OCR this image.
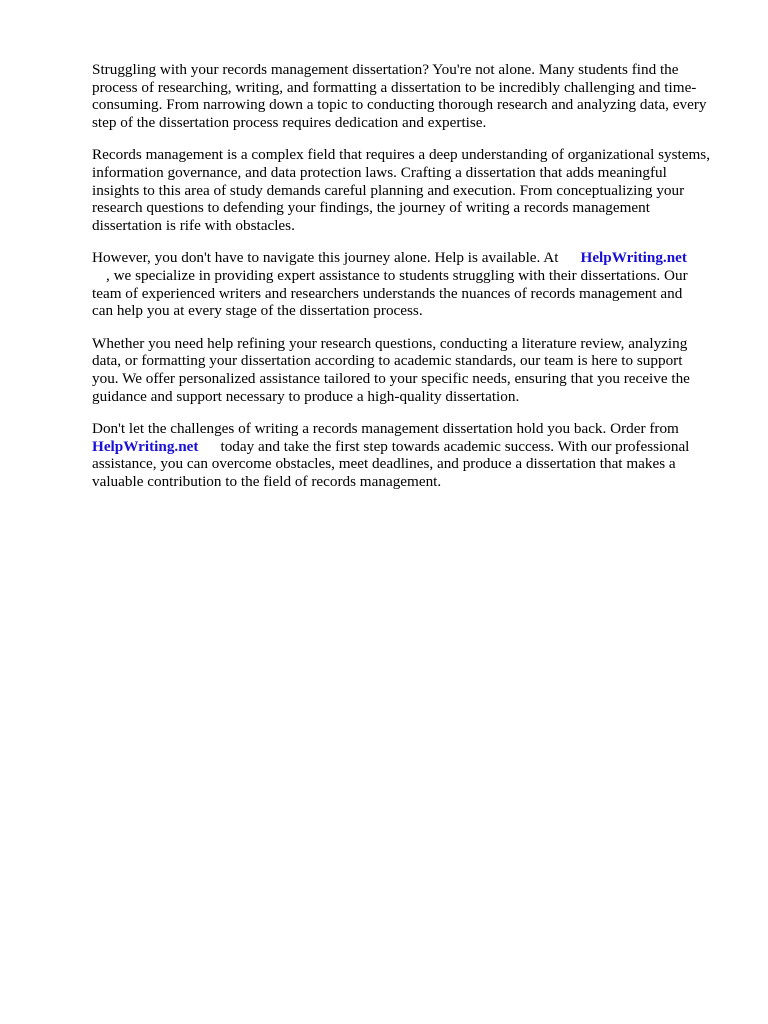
Struggling with your records management dissertation? You're not alone. Many students find the
process of researching, writing, and formatting a dissertation to be incredibly challenging and time-
consuming. From narrowing down a topic to conducting thorough research and analyzing data, every
step of the dissertation process requires dedication and expertise.

Records management is a complex field that requires a deep understanding of organizational systems,
information governance, and data protection laws. Crafting a dissertation that adds meaningful
insights to this area of study demands careful planning and execution. From conceptualizing your
research questions to defending your findings, the journey of writing a records management
dissertation is rife with obstacles.

However, you don't have to navigate this journey alone. Help is available. At HelpWriting.net
, we specialize in providing expert assistance to students struggling with their dissertations. Our
team of experienced writers and researchers understands the nuances of records management and
can help you at every stage of the dissertation process.

Whether you need help refining your research questions, conducting a literature review, analyzing
data, or formatting your dissertation according to academic standards, our team is here to support
you. We offer personalized assistance tailored to your specific needs, ensuring that you receive the
guidance and support necessary to produce a high-quality dissertation.

Don't let the challenges of writing a records management dissertation hold you back. Order from
HelpWriting.net today and take the first step towards academic success. With our professional
assistance, you can overcome obstacles, meet deadlines, and produce a dissertation that makes a
valuable contribution to the field of records management.
